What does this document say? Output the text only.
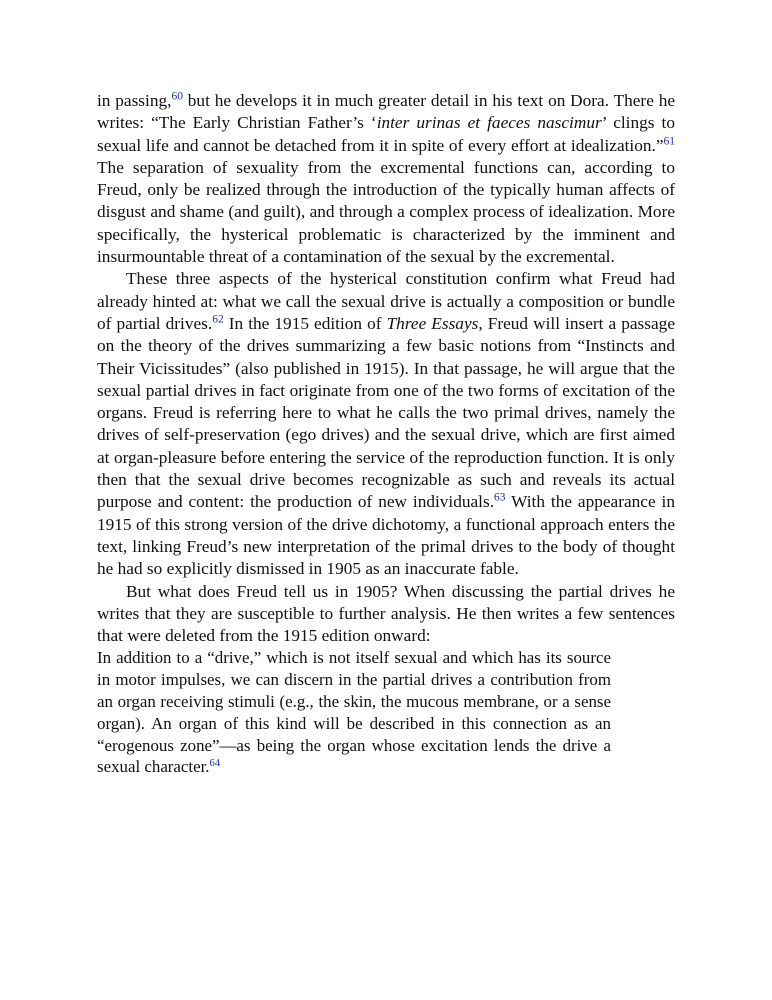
in passing,$^{60}$ but he develops it in much greater detail in his text on Dora. There he writes: “The Early Christian Father’s ‘inter urinas et faeces nascimur’ clings to sexual life and cannot be detached from it in spite of every effort at idealization.”$^{61}$ The separation of sexuality from the excremental functions can, according to Freud, only be realized through the introduction of the typically human affects of disgust and shame (and guilt), and through a complex process of idealization. More specifically, the hysterical problematic is characterized by the imminent and insurmountable threat of a contamination of the sexual by the excremental.

These three aspects of the hysterical constitution confirm what Freud had already hinted at: what we call the sexual drive is actually a composition or bundle of partial drives.$^{62}$ In the 1915 edition of Three Essays, Freud will insert a passage on the theory of the drives summarizing a few basic notions from “Instincts and Their Vicissitudes” (also published in 1915). In that passage, he will argue that the sexual partial drives in fact originate from one of the two forms of excitation of the organs. Freud is referring here to what he calls the two primal drives, namely the drives of self-preservation (ego drives) and the sexual drive, which are first aimed at organ-pleasure before entering the service of the reproduction function. It is only then that the sexual drive becomes recognizable as such and reveals its actual purpose and content: the production of new individuals.$^{63}$ With the appearance in 1915 of this strong version of the drive dichotomy, a functional approach enters the text, linking Freud’s new interpretation of the primal drives to the body of thought he had so explicitly dismissed in 1905 as an inaccurate fable.

But what does Freud tell us in 1905? When discussing the partial drives he writes that they are susceptible to further analysis. He then writes a few sentences that were deleted from the 1915 edition onward:

In addition to a “drive,” which is not itself sexual and which has its source in motor impulses, we can discern in the partial drives a contribution from an organ receiving stimuli (e.g., the skin, the mucous membrane, or a sense organ). An organ of this kind will be described in this connection as an “erogenous zone”—as being the organ whose excitation lends the drive a sexual character.$^{64}$
